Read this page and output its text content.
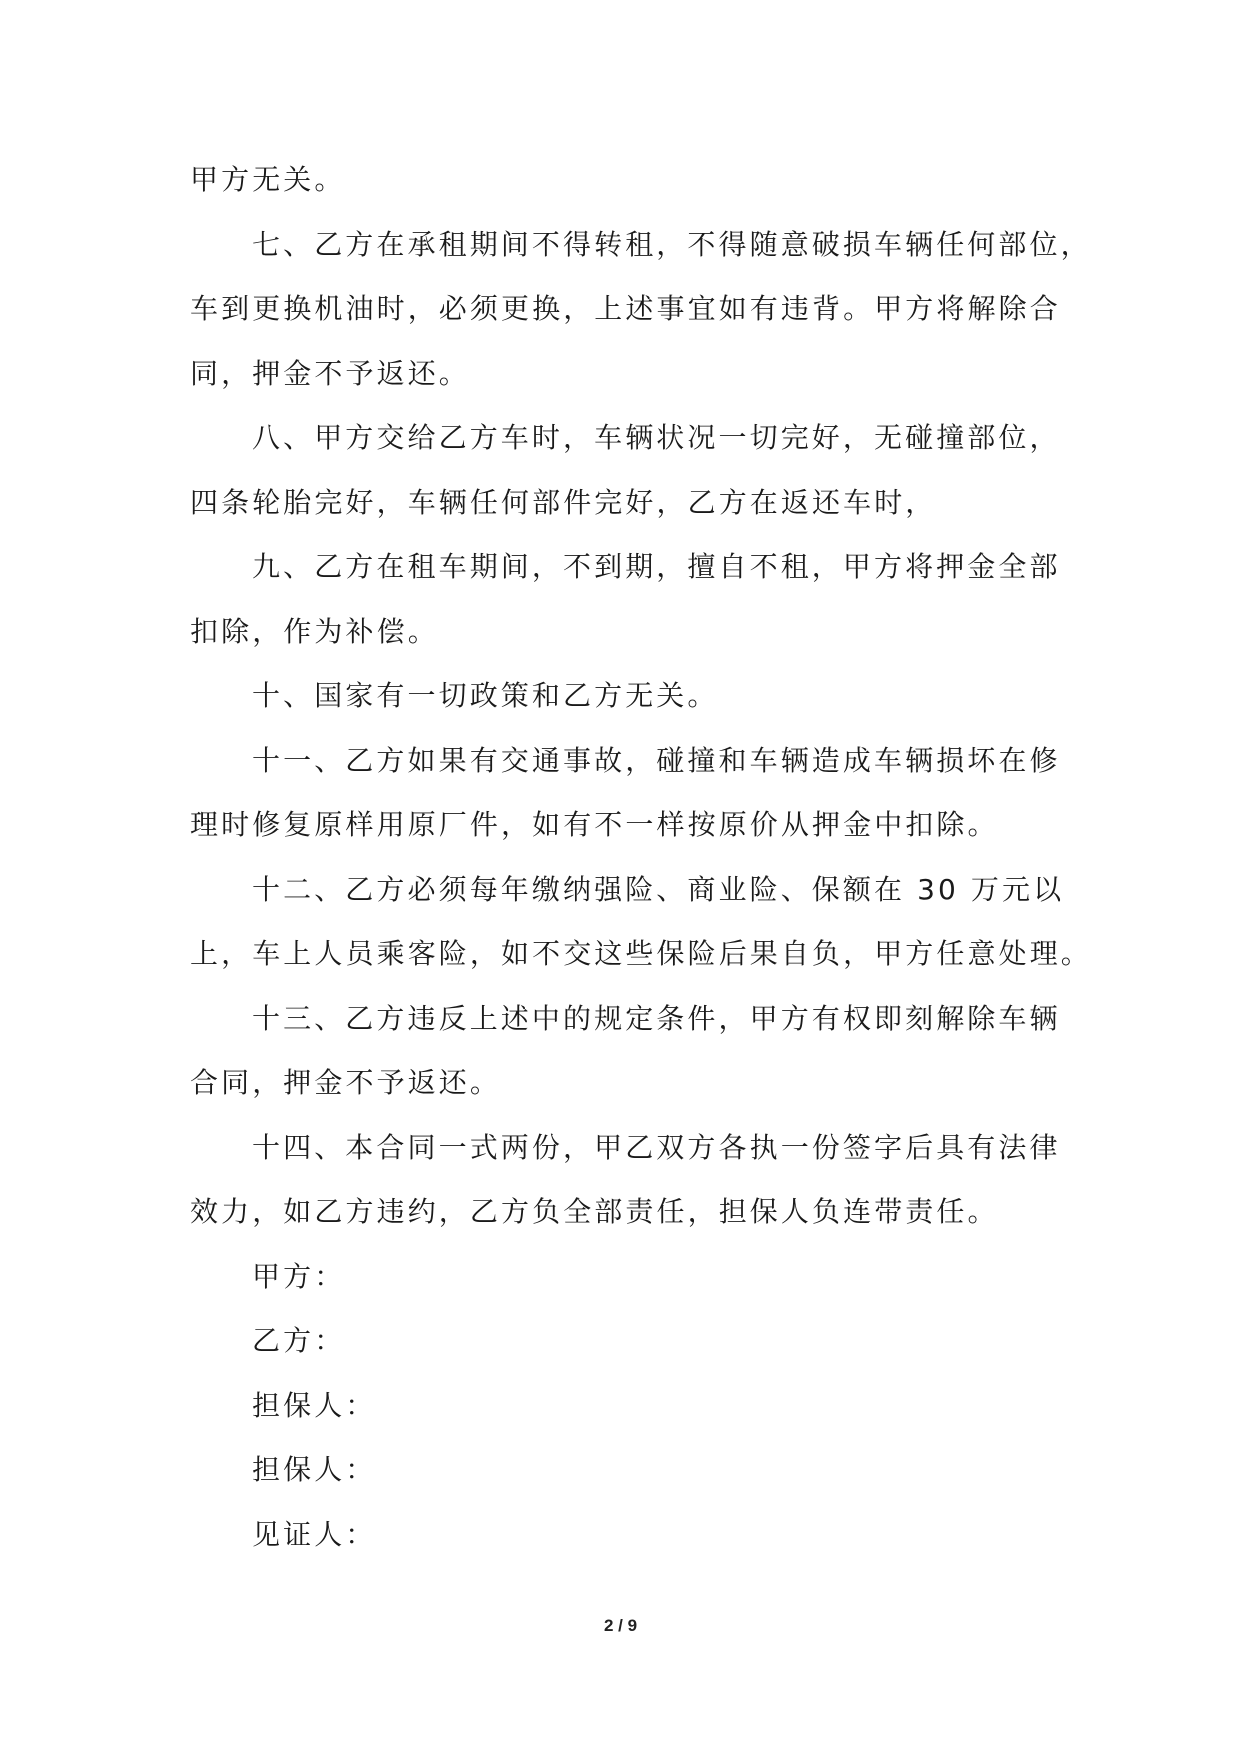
甲方无关。
七、乙方在承租期间不得转租，不得随意破损车辆任何部位，
车到更换机油时，必须更换，上述事宜如有违背。甲方将解除合
同，押金不予返还。
八、甲方交给乙方车时，车辆状况一切完好，无碰撞部位，
四条轮胎完好，车辆任何部件完好，乙方在返还车时，
九、乙方在租车期间，不到期，擅自不租，甲方将押金全部
扣除，作为补偿。
十、国家有一切政策和乙方无关。
十一、乙方如果有交通事故，碰撞和车辆造成车辆损坏在修
理时修复原样用原厂件，如有不一样按原价从押金中扣除。
十二、乙方必须每年缴纳强险、商业险、保额在 30 万元以
上，车上人员乘客险，如不交这些保险后果自负，甲方任意处理。
十三、乙方违反上述中的规定条件，甲方有权即刻解除车辆
合同，押金不予返还。
十四、本合同一式两份，甲乙双方各执一份签字后具有法律
效力，如乙方违约，乙方负全部责任，担保人负连带责任。
甲方：
乙方：
担保人：
担保人：
见证人：
2 / 9
